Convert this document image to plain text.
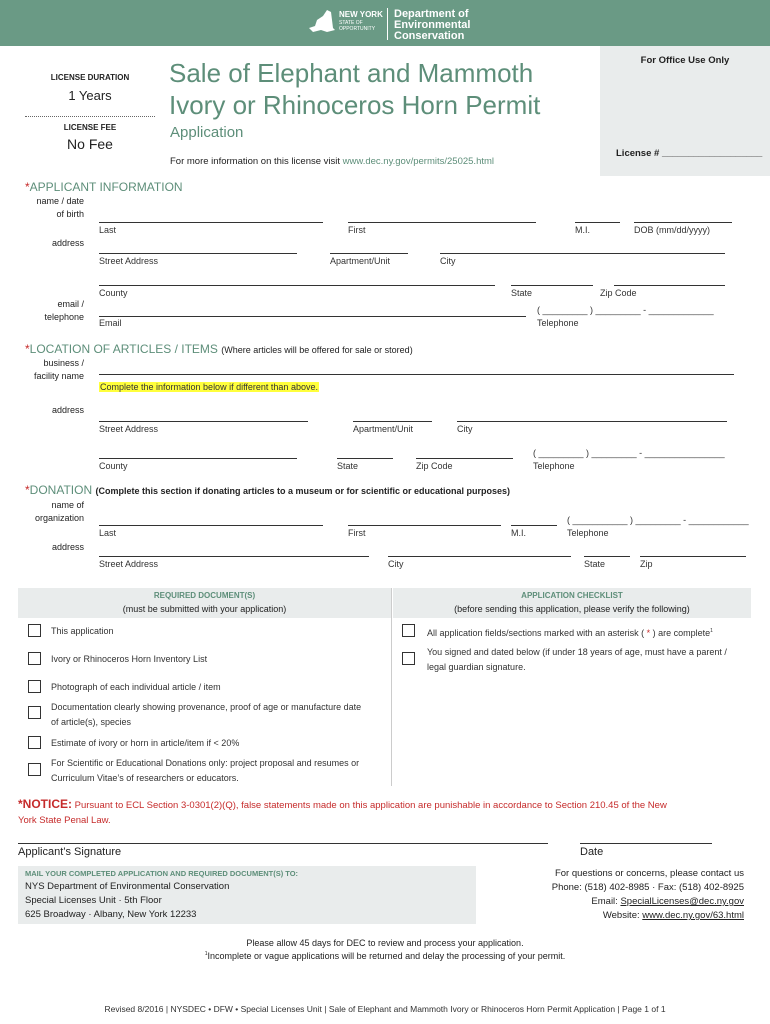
NEW YORK
STATE OF
OPPORTUNITY
Department of
Environmental
Conservation
LICENSE DURATION
1 Years
LICENSE FEE
No Fee
Sale of Elephant and Mammoth
Ivory or Rhinoceros Horn Permit
Application
For more information on this license visit www.dec.ny.gov/permits/25025.html
For Office Use Only
License # ___________________
*APPLICANT INFORMATION
name / date
of birth
Last	First	M.I.	DOB (mm/dd/yyyy)
address
Street Address	Apartment/Unit	City
County	State	Zip Code
email /
telephone
( _________ ) _________ - _____________
Email	Telephone
*LOCATION OF ARTICLES / ITEMS (Where articles will be offered for sale or stored)
business /
facility name
Complete the information below if different than above.
address
Street Address	Apartment/Unit	City
( _________ ) _________ - ________________
County	State	Zip Code	Telephone
*DONATION (Complete this section if donating articles to a museum or for scientific or educational purposes)
name of
organization	( ___________ ) _________ - ____________
Last	First	M.I.	Telephone
address
Street Address	City	State	Zip
REQUIRED DOCUMENT(S)
(must be submitted with your application)
APPLICATION CHECKLIST
(before sending this application, please verify the following)
This application
Ivory or Rhinoceros Horn Inventory List
Photograph of each individual article / item
Documentation clearly showing provenance, proof of age or manufacture date
of article(s), species
Estimate of ivory or horn in article/item if < 20%
For Scientific or Educational Donations only: project proposal and resumes or
Curriculum Vitae’s of researchers or educators.
All application fields/sections marked with an asterisk ( * ) are complete$^1$
You signed and dated below (if under 18 years of age, must have a parent /
legal guardian signature.
*NOTICE: Pursuant to ECL Section 3-0301(2)(Q), false statements made on this application are punishable in accordance to Section 210.45 of the New
York State Penal Law.
Applicant’s Signature	Date
MAIL YOUR COMPLETED APPLICATION AND REQUIRED DOCUMENT(S) TO:
NYS Department of Environmental Conservation
Special Licenses Unit · 5th Floor
625 Broadway · Albany, New York 12233
For questions or concerns, please contact us
Phone: (518) 402-8985 · Fax: (518) 402-8925
Email: SpecialLicenses@dec.ny.gov
Website: www.dec.ny.gov/63.html
Please allow 45 days for DEC to review and process your application.
$^1$Incomplete or vague applications will be returned and delay the processing of your permit.
Revised 8/2016 | NYSDEC • DFW • Special Licenses Unit | Sale of Elephant and Mammoth Ivory or Rhinoceros Horn Permit Application | Page 1 of 1
